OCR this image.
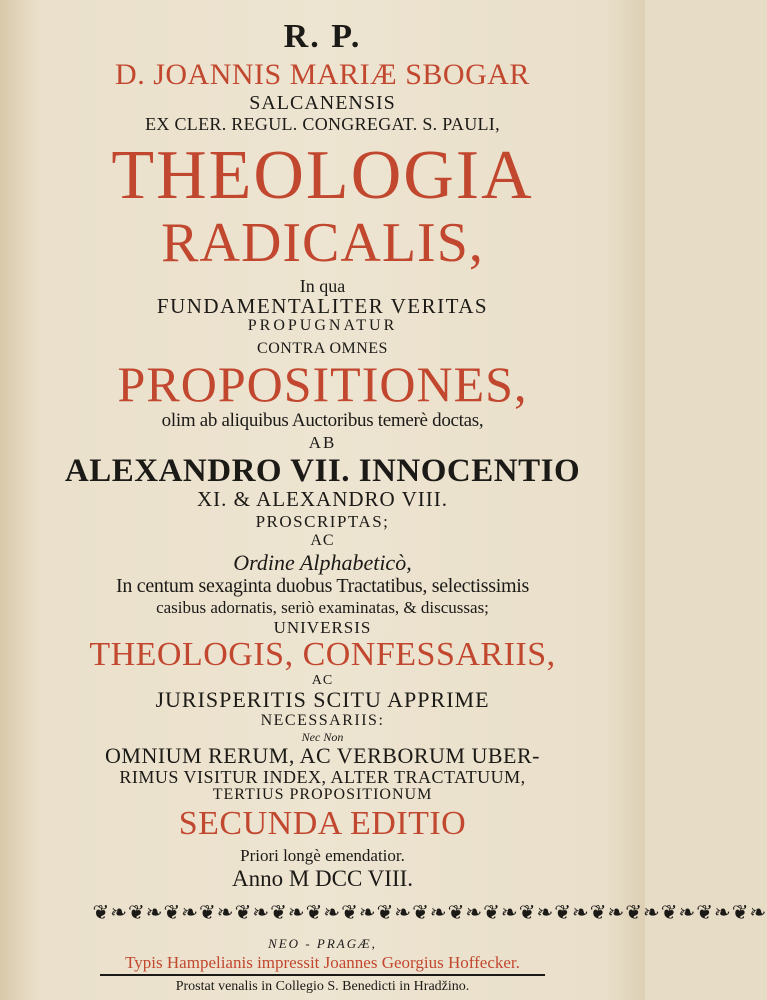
R. P.
D. JOANNIS MARIÆ SBOGAR
SALCANENSIS
EX CLER. REGUL. CONGREGAT. S. PAULI,
THEOLOGIA
RADICALIS,
In qua
FUNDAMENTALITER VERITAS
PROPUGNATUR
CONTRA OMNES
PROPOSITIONES,
olim ab aliquibus Auctoribus temerè doctas,
AB
ALEXANDRO VII. INNOCENTIO
XI. & ALEXANDRO VIII.
PROSCRIPTAS;
AC
Ordine Alphabeticò,
In centum sexaginta duobus Tractatibus, selectissimis
casibus adornatis, seriò examinatas, & discussas;
UNIVERSIS
THEOLOGIS, CONFESSARIIS,
AC
JURISPERITIS SCITU APPRIME
NECESSARIIS:
Nec Non
OMNIUM RERUM, AC VERBORUM UBER-
RIMUS VISITUR INDEX, ALTER TRACTATUUM,
TERTIUS PROPOSITIONUM
SECUNDA EDITIO
Priori longè emendatior.
Anno M DCC VIII.
❦❧❦❧❦❧❦❧❦❧❦❧❦❧❦❧❦❧❦❧❦❧❦❧❦❧❦❧❦❧❦❧❦❧❦❧❦❧
NEO - PRAGÆ,
Typis Hampelianis impressit Joannes Georgius Hoffecker.
Prostat venalis in Collegio S. Benedicti in Hradžino.
